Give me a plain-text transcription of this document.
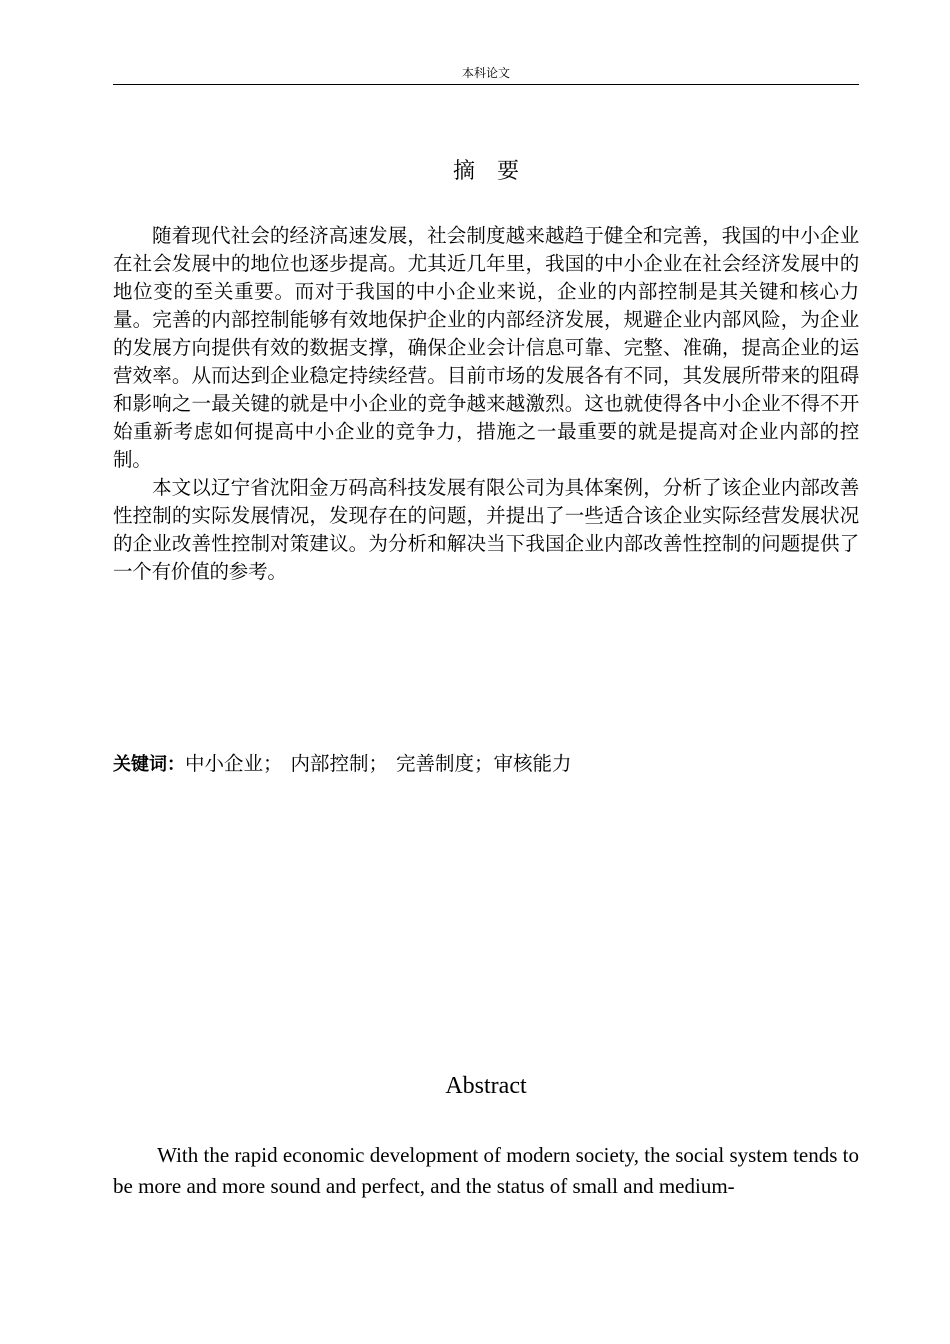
本科论文
摘 要

随着现代社会的经济高速发展，社会制度越来越趋于健全和完善，我国的中小企业在社会发展中的地位也逐步提高。尤其近几年里，我国的中小企业在社会经济发展中的地位变的至关重要。而对于我国的中小企业来说，企业的内部控制是其关键和核心力量。完善的内部控制能够有效地保护企业的内部经济发展，规避企业内部风险，为企业的发展方向提供有效的数据支撑，确保企业会计信息可靠、完整、准确，提高企业的运营效率。从而达到企业稳定持续经营。目前市场的发展各有不同，其发展所带来的阻碍和影响之一最关键的就是中小企业的竞争越来越激烈。这也就使得各中小企业不得不开始重新考虑如何提高中小企业的竞争力，措施之一最重要的就是提高对企业内部的控制。

本文以辽宁省沈阳金万码高科技发展有限公司为具体案例，分析了该企业内部改善性控制的实际发展情况，发现存在的问题，并提出了一些适合该企业实际经营发展状况的企业改善性控制对策建议。为分析和解决当下我国企业内部改善性控制的问题提供了一个有价值的参考。

关键词：中小企业； 内部控制； 完善制度；审核能力
Abstract

With the rapid economic development of modern society, the social system tends to be more and more sound and perfect, and the status of small and medium-
